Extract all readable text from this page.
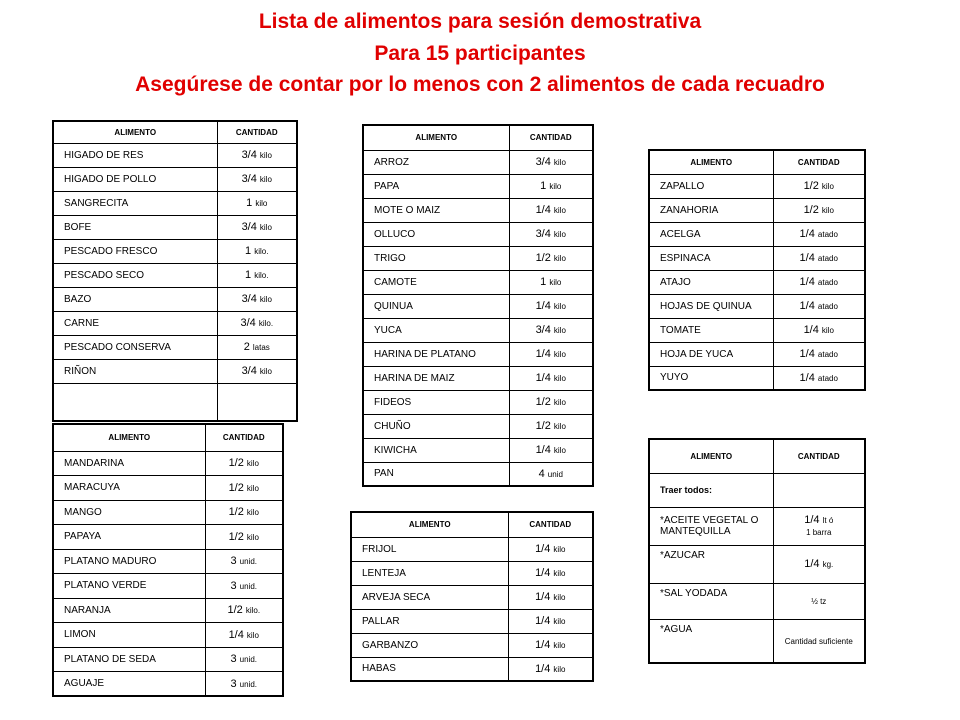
Lista de alimentos para sesión demostrativa
Para 15 participantes
Asegúrese de contar por lo menos con 2 alimentos de cada recuadro
ALIMENTO	CANTIDAD
HIGADO DE RES	3/4 kilo
HIGADO DE POLLO	3/4 kilo
SANGRECITA	1 kilo
BOFE	3/4 kilo
PESCADO FRESCO	1 kilo.
PESCADO SECO	1 kilo.
BAZO	3/4 kilo
CARNE	3/4 kilo.
PESCADO CONSERVA	2 latas
RIÑON	3/4 kilo

ALIMENTO	CANTIDAD
MANDARINA	1/2 kilo
MARACUYA	1/2 kilo
MANGO	1/2 kilo
PAPAYA	1/2 kilo
PLATANO MADURO	3 unid.
PLATANO VERDE	3 unid.
NARANJA	1/2 kilo.
LIMON	1/4 kilo
PLATANO DE SEDA	3 unid.
AGUAJE	3 unid.
ALIMENTO	CANTIDAD
ARROZ	3/4 kilo
PAPA	1 kilo
MOTE O MAIZ	1/4 kilo
OLLUCO	3/4 kilo
TRIGO	1/2 kilo
CAMOTE	1 kilo
QUINUA	1/4 kilo
YUCA	3/4 kilo
HARINA DE PLATANO	1/4 kilo
HARINA DE MAIZ	1/4 kilo
FIDEOS	1/2 kilo
CHUÑO	1/2 kilo
KIWICHA	1/4 kilo
PAN	4 unid
ALIMENTO	CANTIDAD
FRIJOL	1/4 kilo
LENTEJA	1/4 kilo
ARVEJA SECA	1/4 kilo
PALLAR	1/4 kilo
GARBANZO	1/4 kilo
HABAS	1/4 kilo
ALIMENTO	CANTIDAD
ZAPALLO	1/2 kilo
ZANAHORIA	1/2 kilo
ACELGA	1/4 atado
ESPINACA	1/4 atado
ATAJO	1/4 atado
HOJAS DE QUINUA	1/4 atado
TOMATE	1/4 kilo
HOJA DE YUCA	1/4 atado
YUYO	1/4 atado
ALIMENTO	CANTIDAD
Traer todos:	
*ACEITE VEGETAL O MANTEQUILLA	1/4 lt ó
1 barra
*AZUCAR	1/4 kg.
*SAL YODADA	½ tz
*AGUA	Cantidad suficiente
